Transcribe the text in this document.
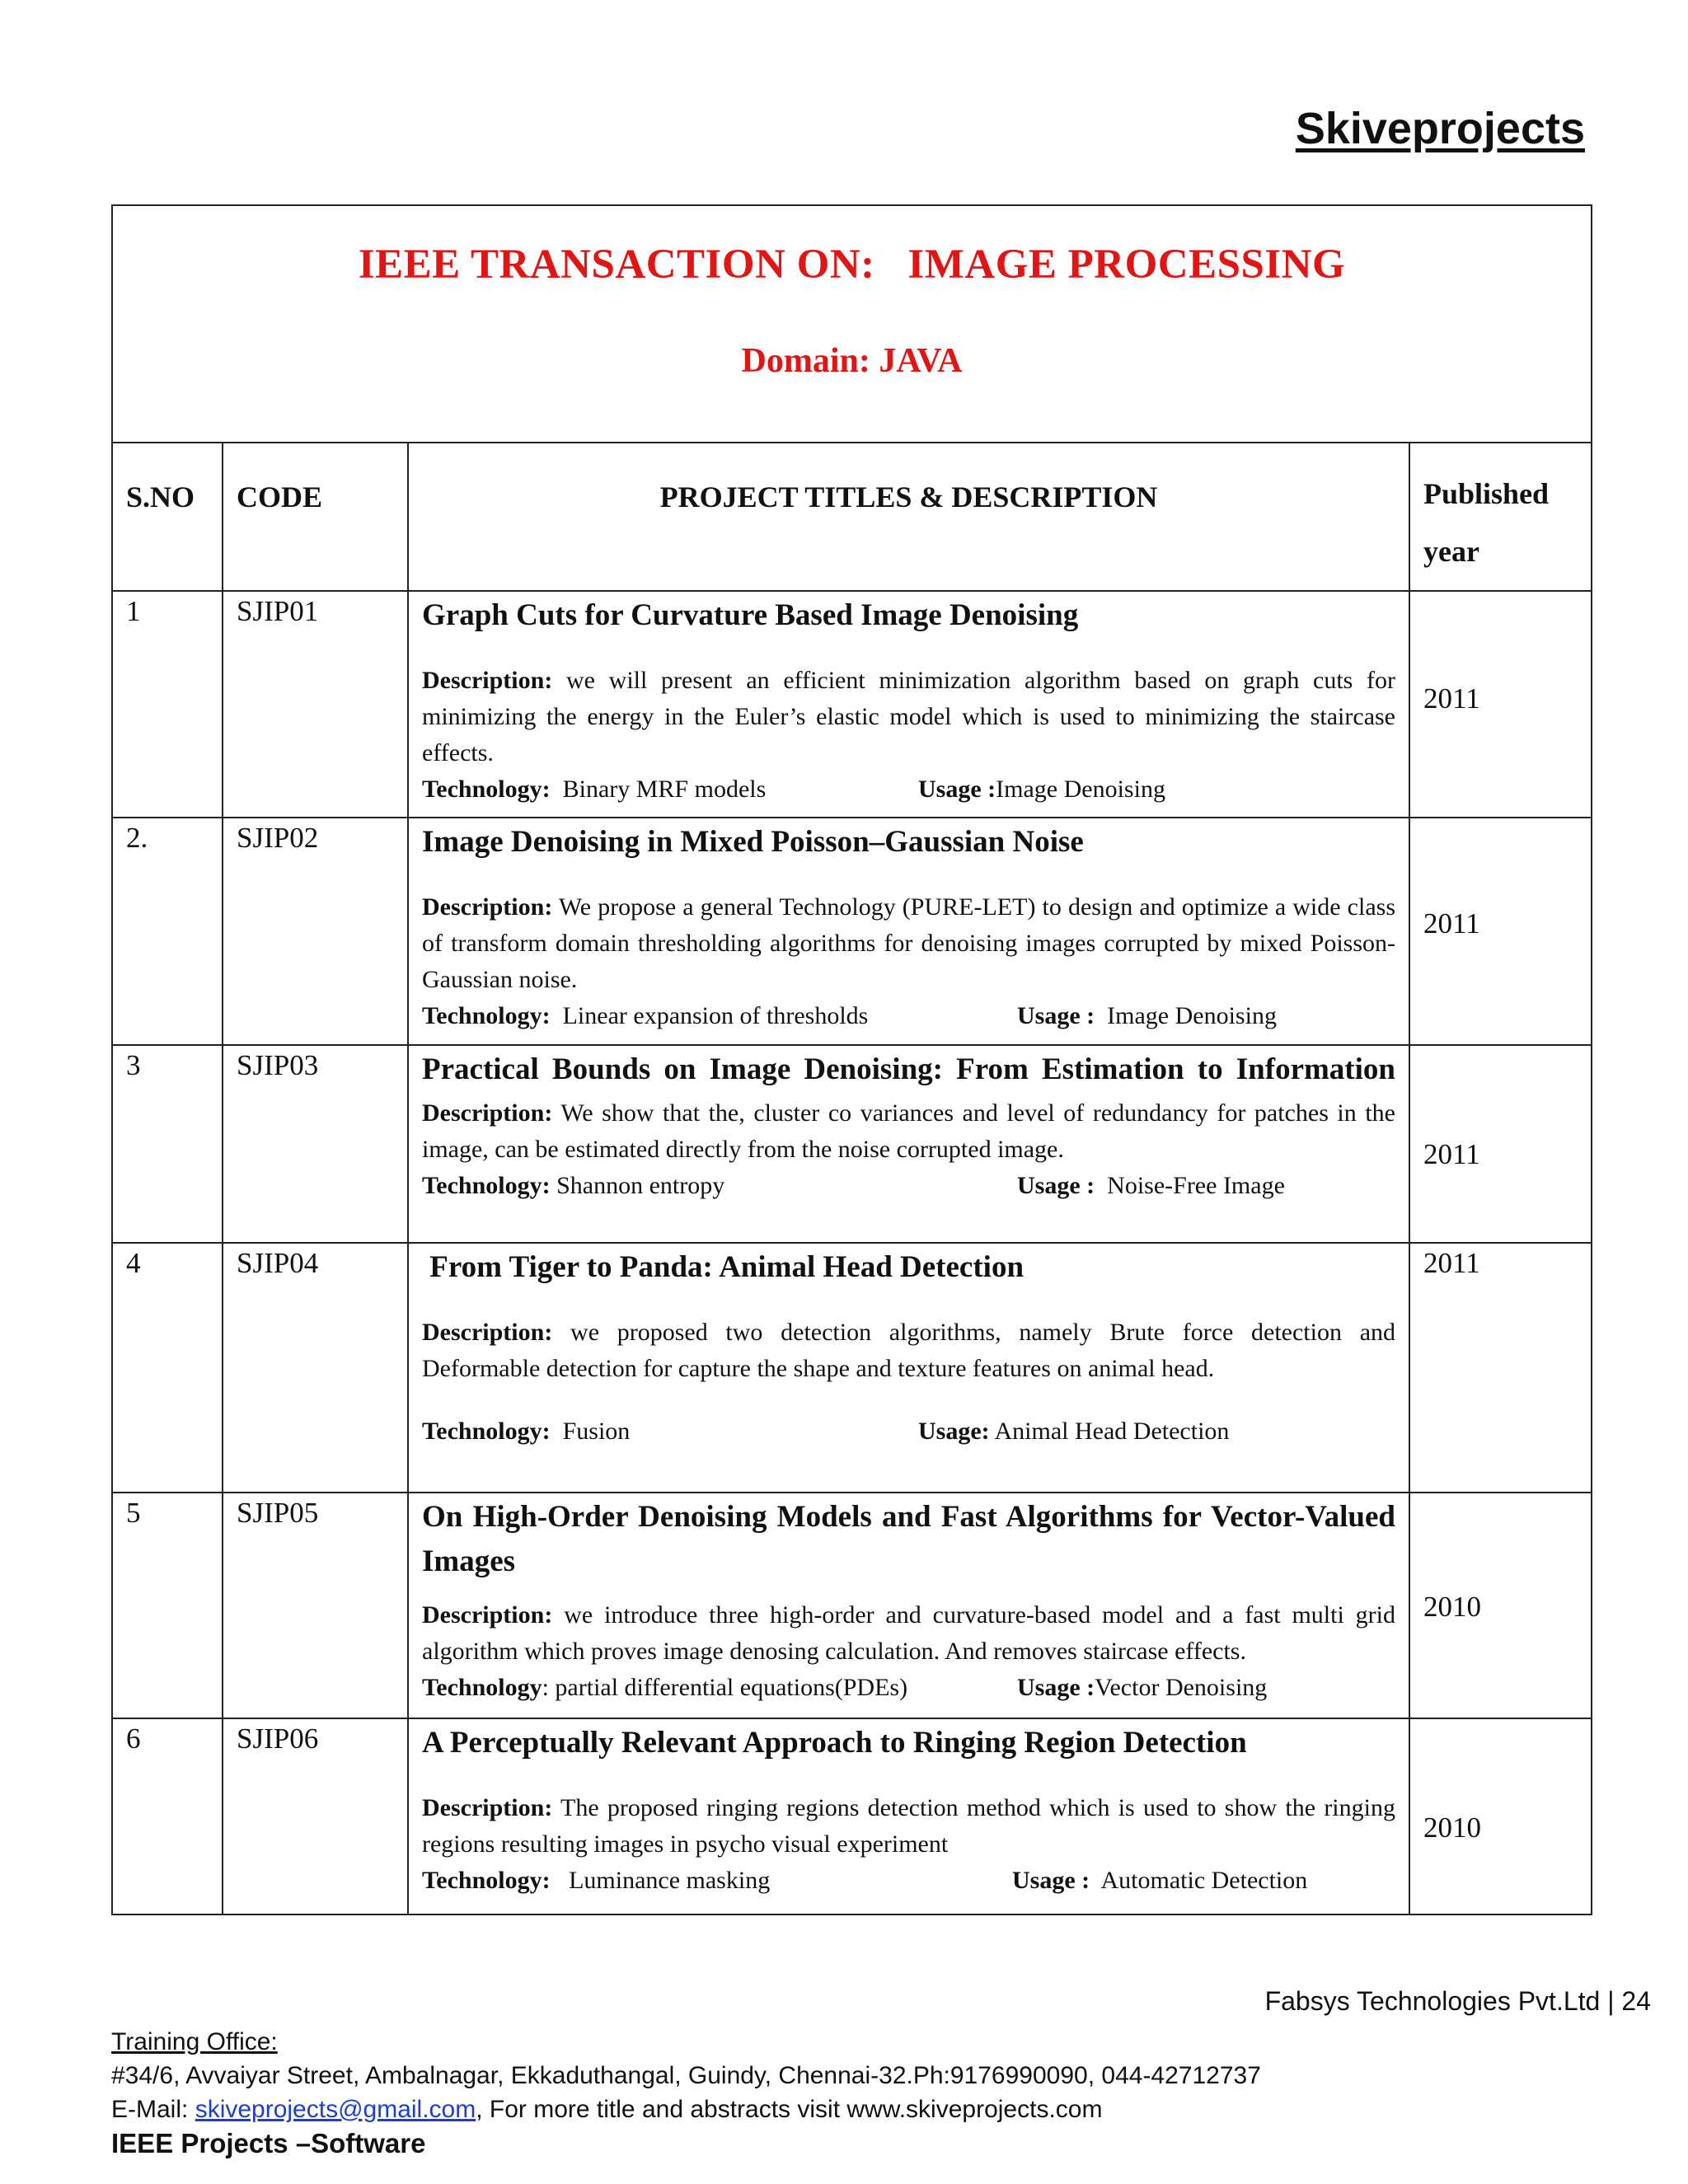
Skiveprojects
IEEE TRANSACTION ON:   IMAGE PROCESSING
Domain: JAVA			

S.NO	CODE	PROJECT TITLES & DESCRIPTION	Published
year
1	SJIP01	Graph Cuts for Curvature Based Image Denoising
Description: we will present an efficient minimization algorithm based on graph cuts for minimizing the energy in the Euler’s elastic model which is used to minimizing the staircase effects.
Technology:  Binary MRF models Usage :Image Denoising	2011
2.	SJIP02	Image Denoising in Mixed Poisson–Gaussian Noise
Description: We propose a general Technology (PURE-LET) to design and optimize a wide class of transform domain thresholding algorithms for denoising images corrupted by mixed Poisson-Gaussian noise.
Technology:  Linear expansion of thresholds Usage :  Image Denoising	2011
3	SJIP03	Practical Bounds on Image Denoising: From Estimation to Information
Description: We show that the, cluster co variances and level of redundancy for patches in the image, can be estimated directly from the noise corrupted image.
Technology: Shannon entropy Usage :  Noise-Free Image	2011
4	SJIP04	From Tiger to Panda: Animal Head Detection
Description: we proposed two detection algorithms, namely Brute force detection and Deformable detection for capture the shape and texture features on animal head.
Technology:  Fusion Usage: Animal Head Detection	2011
5	SJIP05	On High-Order Denoising Models and Fast Algorithms for Vector-Valued Images
Description: we introduce three high-order and curvature-based model and a fast multi grid algorithm which proves image denosing calculation. And removes staircase effects.
Technology: partial differential equations(PDEs) Usage :Vector Denoising	2010
6	SJIP06	A Perceptually Relevant Approach to Ringing Region Detection
Description: The proposed ringing regions detection method which is used to show the ringing regions resulting images in psycho visual experiment
Technology:   Luminance masking Usage :  Automatic Detection	2010
Fabsys Technologies Pvt.Ltd | 24
Training Office:
#34/6, Avvaiyar Street, Ambalnagar, Ekkaduthangal, Guindy, Chennai-32.Ph:9176990090, 044-42712737
E-Mail: skiveprojects@gmail.com, For more title and abstracts visit www.skiveprojects.com
IEEE Projects –Software
